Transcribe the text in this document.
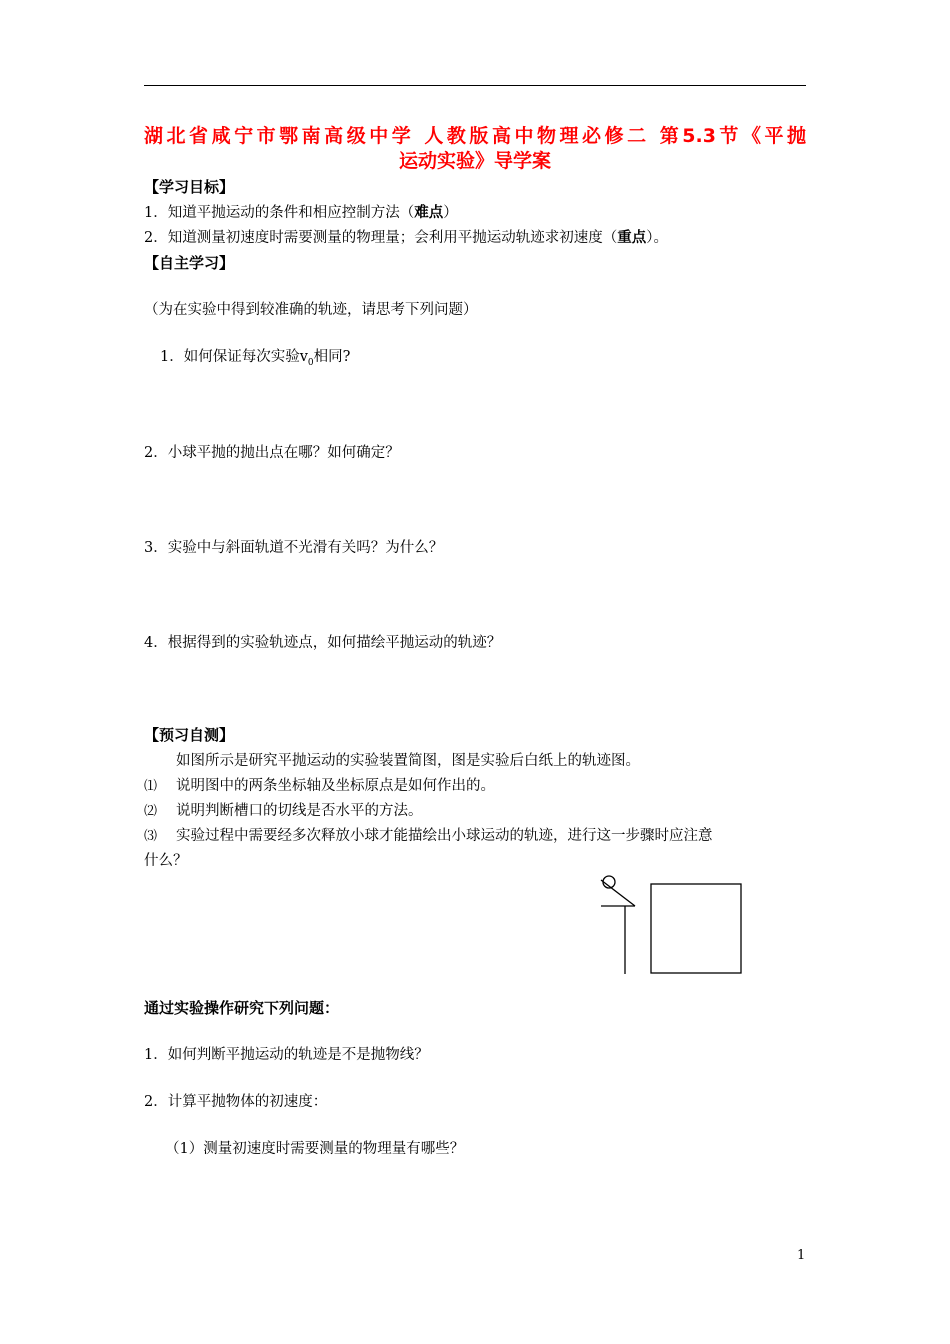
湖北省咸宁市鄂南高级中学 人教版高中物理必修二 第5.3节《平抛
运动实验》导学案
【学习目标】
1．知道平抛运动的条件和相应控制方法（难点）
2．知道测量初速度时需要测量的物理量；会利用平抛运动轨迹求初速度（重点）。
【自主学习】
（为在实验中得到较准确的轨迹，请思考下列问题）
1．如何保证每次实验$v_0$相同?
2．小球平抛的抛出点在哪？如何确定？
3．实验中与斜面轨道不光滑有关吗？为什么？
4．根据得到的实验轨迹点，如何描绘平抛运动的轨迹？
【预习自测】
如图所示是研究平抛运动的实验装置简图，图是实验后白纸上的轨迹图。
⑴ 说明图中的两条坐标轴及坐标原点是如何作出的。
⑵ 说明判断槽口的切线是否水平的方法。
⑶ 实验过程中需要经多次释放小球才能描绘出小球运动的轨迹，进行这一步骤时应注意
什么？
通过实验操作研究下列问题：
1．如何判断平抛运动的轨迹是不是抛物线？
2．计算平抛物体的初速度：
（1）测量初速度时需要测量的物理量有哪些？
1
